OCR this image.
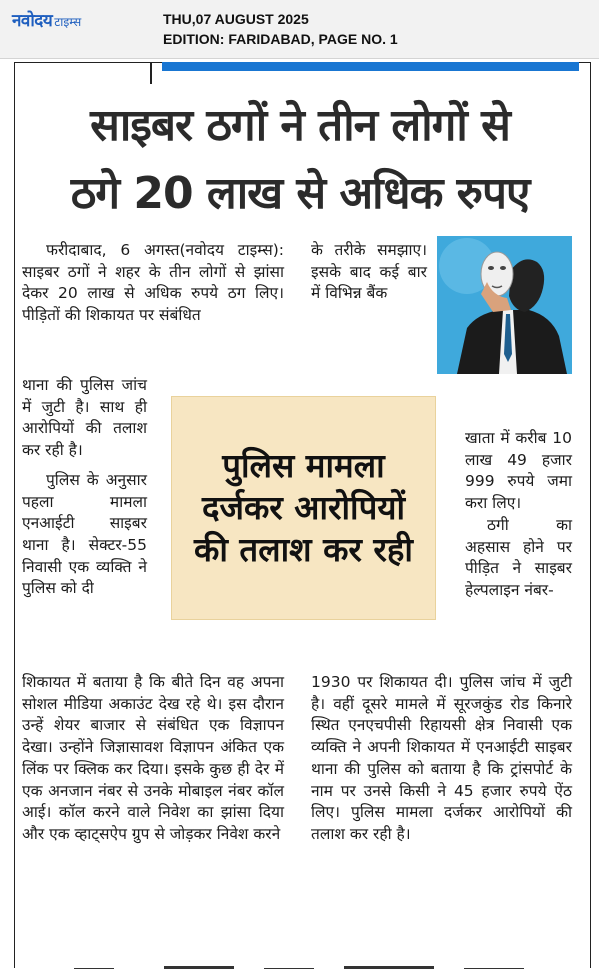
नवोदय टाइम्स	THU,07 AUGUST 2025
EDITION: FARIDABAD, PAGE NO. 1
साइबर ठगों ने तीन लोगों से
ठगे 20 लाख से अधिक रुपए

फरीदाबाद, 6 अगस्त(नवोदय टाइम्स): साइबर ठगों ने शहर के तीन लोगों से झांसा देकर 20 लाख से अधिक रुपये ठग लिए। पीड़ितों की शिकायत पर संबंधित

के तरीके समझाए। इसके बाद कई बार में विभिन्न बैंक

थाना की पुलिस जांच में जुटी है। साथ ही आरोपियों की तलाश कर रही है।

पुलिस के अनुसार पहला मामला एनआईटी साइबर थाना है। सेक्टर-55 निवासी एक व्यक्ति ने पुलिस को दी

पुलिस मामला दर्जकर आरोपियों की तलाश कर रही

खाता में करीब 10 लाख 49 हजार 999 रुपये जमा करा लिए।

ठगी का अहसास होने पर पीड़ित ने साइबर हेल्पलाइन नंबर-

शिकायत में बताया है कि बीते दिन वह अपना सोशल मीडिया अकाउंट देख रहे थे। इस दौरान उन्हें शेयर बाजार से संबंधित एक विज्ञापन देखा। उन्होंने जिज्ञासावश विज्ञापन अंकित एक लिंक पर क्लिक कर दिया। इसके कुछ ही देर में एक अनजान नंबर से उनके मोबाइल नंबर कॉल आई। कॉल करने वाले निवेश का झांसा दिया और एक व्हाट्सऐप ग्रुप से जोड़कर निवेश करने

1930 पर शिकायत दी। पुलिस जांच में जुटी है। वहीं दूसरे मामले में सूरजकुंड रोड किनारे स्थित एनएचपीसी रिहायसी क्षेत्र निवासी एक व्यक्ति ने अपनी शिकायत में एनआईटी साइबर थाना की पुलिस को बताया है कि ट्रांसपोर्ट के नाम पर उनसे किसी ने 45 हजार रुपये ऐंठ लिए। पुलिस मामला दर्जकर आरोपियों की तलाश कर रही है।
